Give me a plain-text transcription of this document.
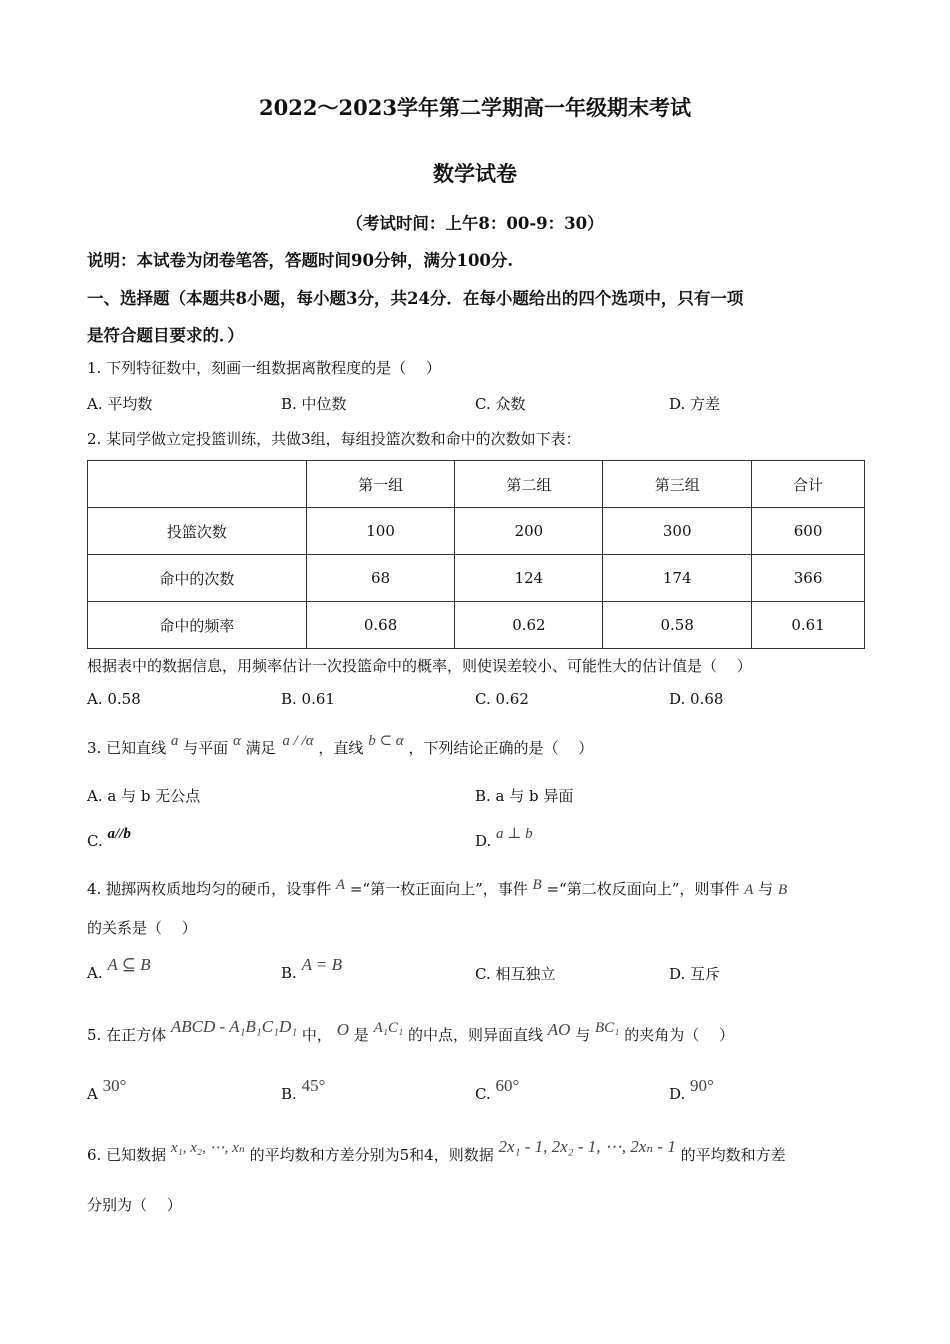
2022～2023学年第二学期高一年级期末考试
数学试卷
（考试时间：上午8：00-9：30）
说明：本试卷为闭卷笔答，答题时间90分钟，满分100分.
一、选择题（本题共8小题，每小题3分，共24分．在每小题给出的四个选项中，只有一项
是符合题目要求的．）
1. 下列特征数中，刻画一组数据离散程度的是（　 ）
A. 平均数	B. 中位数	C. 众数	D. 方差
2. 某同学做立定投篮训练，共做3组，每组投篮次数和命中的次数如下表：
	第一组	第二组	第三组	合计
投篮次数	100	200	300	600
命中的次数	68	124	174	366
命中的频率	0.68	0.62	0.58	0.61
根据表中的数据信息，用频率估计一次投篮命中的概率，则使误差较小、可能性大的估计值是（　 ）
A. 0.58	B. 0.61	C. 0.62	D. 0.68
3. 已知直线 a 与平面 α 满足 a / /α ，直线 b ⊂ α ，下列结论正确的是（　 ）
A. a 与 b 无公点	B. a 与 b 异面
C. a//b	D. a ⊥ b
4. 抛掷两枚质地均匀的硬币，设事件 A =“第一枚正面向上”，事件 B =“第二枚反面向上”，则事件 A 与 B
的关系是（　 ）
A. A ⊆ B	B. A = B	C. 相互独立	D. 互斥
5. 在正方体 ABCD - A₁B₁C₁D₁ 中， O 是 A₁C₁ 的中点，则异面直线 AO 与 BC₁ 的夹角为（　 ）
A 30°	B. 45°	C. 60°	D. 90°
6. 已知数据 x₁, x₂, ⋯, xₙ 的平均数和方差分别为5和4，则数据 2x₁ - 1, 2x₂ - 1, ⋯, 2xₙ - 1 的平均数和方差
分别为（　 ）
